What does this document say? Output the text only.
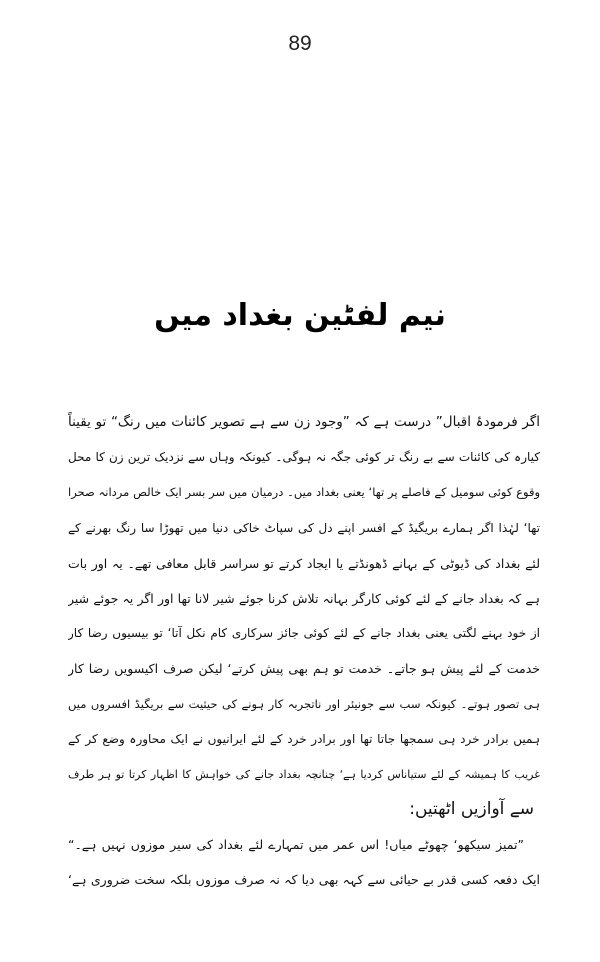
89
نیم لفٹین بغداد میں
اگر فرمودۂ اقبال” درست ہے کہ ”وجود زن سے ہے تصویر کائنات میں رنگ“ تو یقیناً
کیارہ کی کائنات سے بے رنگ تر کوئی جگہ نہ ہوگی۔ کیونکہ وہاں سے نزدیک ترین زن کا محل
وقوع کوئی سومیل کے فاصلے پر تھا‘ یعنی بغداد میں۔ درمیان میں سر بسر ایک خالص مردانہ صحرا
تھا‘ لہٰذا اگر ہمارے بریگیڈ کے افسر اپنے دل کی سپاٹ خاکی دنیا میں تھوڑا سا رنگ بھرنے کے
لئے بغداد کی ڈیوٹی کے بہانے ڈھونڈتے یا ایجاد کرتے تو سراسر قابل معافی تھے۔ یہ اور بات
ہے کہ بغداد جانے کے لئے کوئی کارگر بہانہ تلاش کرنا جوئے شیر لانا تھا اور اگر یہ جوئے شیر
از خود بہنے لگتی یعنی بغداد جانے کے لئے کوئی جائز سرکاری کام نکل آتا‘ تو بیسیوں رضا کار
خدمت کے لئے پیش ہو جاتے۔ خدمت تو ہم بھی پیش کرتے‘ لیکن صرف اکیسویں رضا کار
ہی تصور ہوتے۔ کیونکہ سب سے جونیئر اور ناتجربہ کار ہونے کی حیثیت سے بریگیڈ افسروں میں
ہمیں برادر خرد ہی سمجھا جاتا تھا اور برادر خرد کے لئے ایرانیوں نے ایک محاورہ وضع کر کے
غریب کا ہمیشہ کے لئے ستیاناس کردیا ہے‘ چنانچہ بغداد جانے کی خواہش کا اظہار کرتا تو ہر طرف
سے آوازیں اٹھتیں:
”تمیز سیکھو‘ چھوٹے میاں! اس عمر میں تمہارے لئے بغداد کی سیر موزوں نہیں ہے۔“
ایک دفعہ کسی قدر بے حیائی سے کہہ بھی دیا کہ نہ صرف موزوں بلکہ سخت ضروری ہے‘
